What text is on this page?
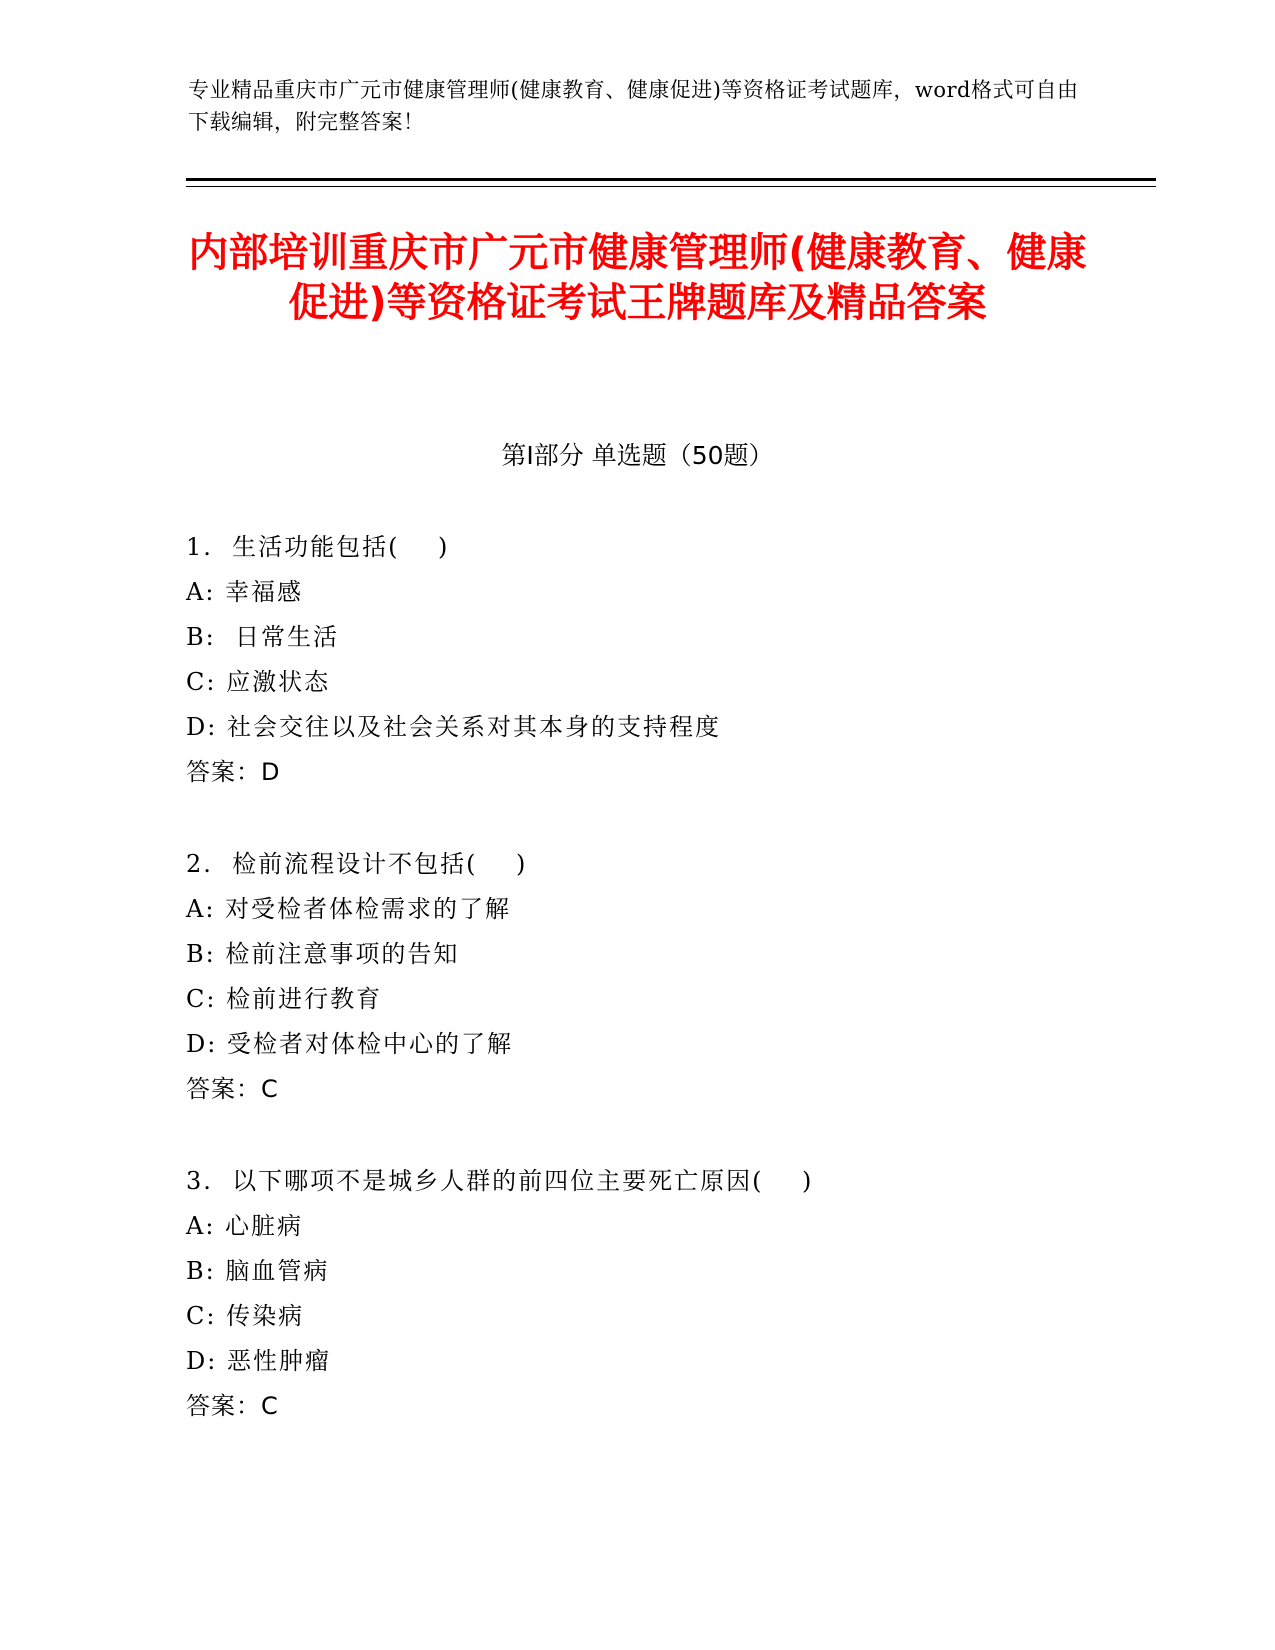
专业精品重庆市广元市健康管理师(健康教育、健康促进)等资格证考试题库，word格式可自由下载编辑，附完整答案！
内部培训重庆市广元市健康管理师(健康教育、健康促进)等资格证考试王牌题库及精品答案
第Ⅰ部分 单选题（50题）
1.  生活功能包括(    )
A: 幸福感
B:  日常生活
C: 应激状态
D: 社会交往以及社会关系对其本身的支持程度
答案：D
2.  检前流程设计不包括(    )
A: 对受检者体检需求的了解
B: 检前注意事项的告知
C: 检前进行教育
D: 受检者对体检中心的了解
答案：C
3.  以下哪项不是城乡人群的前四位主要死亡原因(    )
A: 心脏病
B: 脑血管病
C: 传染病
D: 恶性肿瘤
答案：C
